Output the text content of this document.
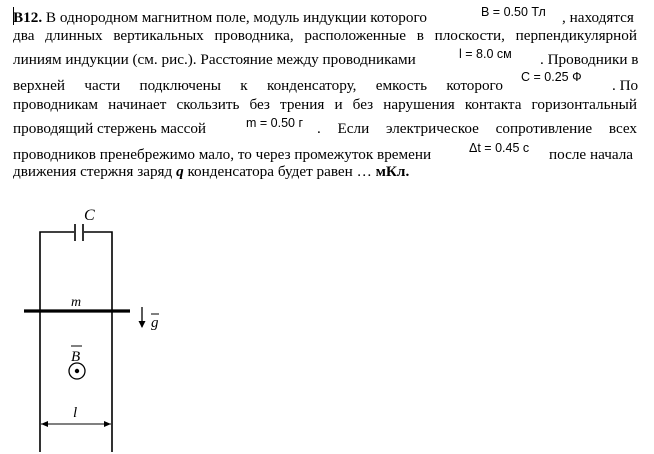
B12. В однородном магнитном поле, модуль индукции которого	B = 0.50 Тл , находятся
два длинных вертикальных проводника, расположенные в плоскости, перпендикулярной
линиям индукции (см. рис.). Расстояние между проводниками	l = 8.0 см . Проводники в
верхней части подключены к конденсатору, емкость которого C = 0.25 Ф . По
проводникам начинает скользить без трения и без нарушения контакта горизонтальный
проводящий стержень массой	m = 0.50 г . Если электрическое сопротивление всех
проводников пренебрежимо мало, то через промежуток времени	Δt = 0.45 с после начала
движения стержня заряд q конденсатора будет равен … мКл.
C
m
g
B
l
